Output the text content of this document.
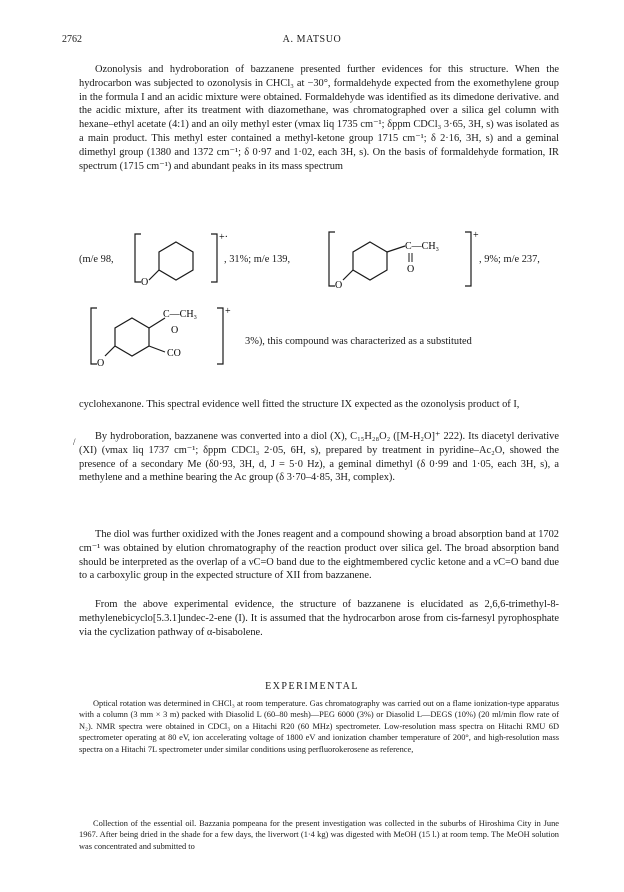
2762	A. MATSUO

Ozonolysis and hydroboration of bazzanene presented further evidences for this structure. When the hydrocarbon was subjected to ozonolysis in CHCl₃ at −30°, formaldehyde expected from the exomethylene group in the formula I and an acidic mixture were obtained. Formaldehyde was identified as its dimedone derivative. and the acidic mixture, after its treatment with diazomethane, was chromatographed over a silica gel column with hexane–ethyl acetate (4:1) and an oily methyl ester (νmax liq 1735 cm⁻¹; δppm CDCl₃ 3·65, 3H, s) was isolated as a main product. This methyl ester contained a methyl-ketone group 1715 cm⁻¹; δ 2·16, 3H, s) and a geminal dimethyl group (1380 and 1372 cm⁻¹; δ 0·97 and 1·02, each 3H, s). On the basis of formaldehyde formation, IR spectrum (1715 cm⁻¹) and abundant peaks in its mass spectrum

(m/e 98,
O
+·
, 31%; m/e 139,
C—CH₃
O
O
+
, 9%; m/e 237,
C—CH₃
O
CO
O
+
3%), this compound was characterized as a substituted

cyclohexanone. This spectral evidence well fitted the structure IX expected as the ozonolysis product of I,

/	By hydroboration, bazzanene was converted into a diol (X), C₁₅H₂₈O₂ ([M-H₂O]⁺ 222). Its diacetyl derivative (XI) (νmax liq 1737 cm⁻¹; δppm CDCl₃ 2·05, 6H, s), prepared by treatment in pyridine–Ac₂O, showed the presence of a secondary Me (δ0·93, 3H, d, J = 5·0 Hz), a geminal dimethyl (δ 0·99 and 1·05, each 3H, s), a methylene and a methine bearing the Ac group (δ 3·70–4·85, 3H, complex).

The diol was further oxidized with the Jones reagent and a compound showing a broad absorption band at 1702 cm⁻¹ was obtained by elution chromatography of the reaction product over silica gel. The broad absorption band should be interpreted as the overlap of a νC=O band due to the eightmembered cyclic ketone and a νC=O band due to a carboxylic group in the expected structure of XII from bazzanene.

From the above experimental evidence, the structure of bazzanene is elucidated as 2,6,6-trimethyl-8-methylenebicyclo[5.3.1]undec-2-ene (I). It is assumed that the hydrocarbon arose from cis-farnesyl pyrophosphate via the cyclization pathway of α-bisabolene.

EXPERIMENTAL

Optical rotation was determined in CHCl₃ at room temperature. Gas chromatography was carried out on a flame ionization-type apparatus with a column (3 mm × 3 m) packed with Diasolid L (60–80 mesh)—PEG 6000 (3%) or Diasolid L—DEGS (10%) (20 ml/min flow rate of N₂). NMR spectra were obtained in CDCl₃ on a Hitachi R20 (60 MHz) spectrometer. Low-resolution mass spectra on Hitachi RMU 6D spectrometer operating at 80 eV, ion accelerating voltage of 1800 eV and ionization chamber temperature of 200°, and high-resolution mass spectra on a Hitachi 7L spectrometer under similar conditions using perfluorokerosene as reference,

Collection of the essential oil. Bazzania pompeana for the present investigation was collected in the suburbs of Hiroshima City in June 1967. After being dried in the shade for a few days, the liverwort (1·4 kg) was digested with MeOH (15 l.) at room temp. The MeOH solution was concentrated and submitted to
